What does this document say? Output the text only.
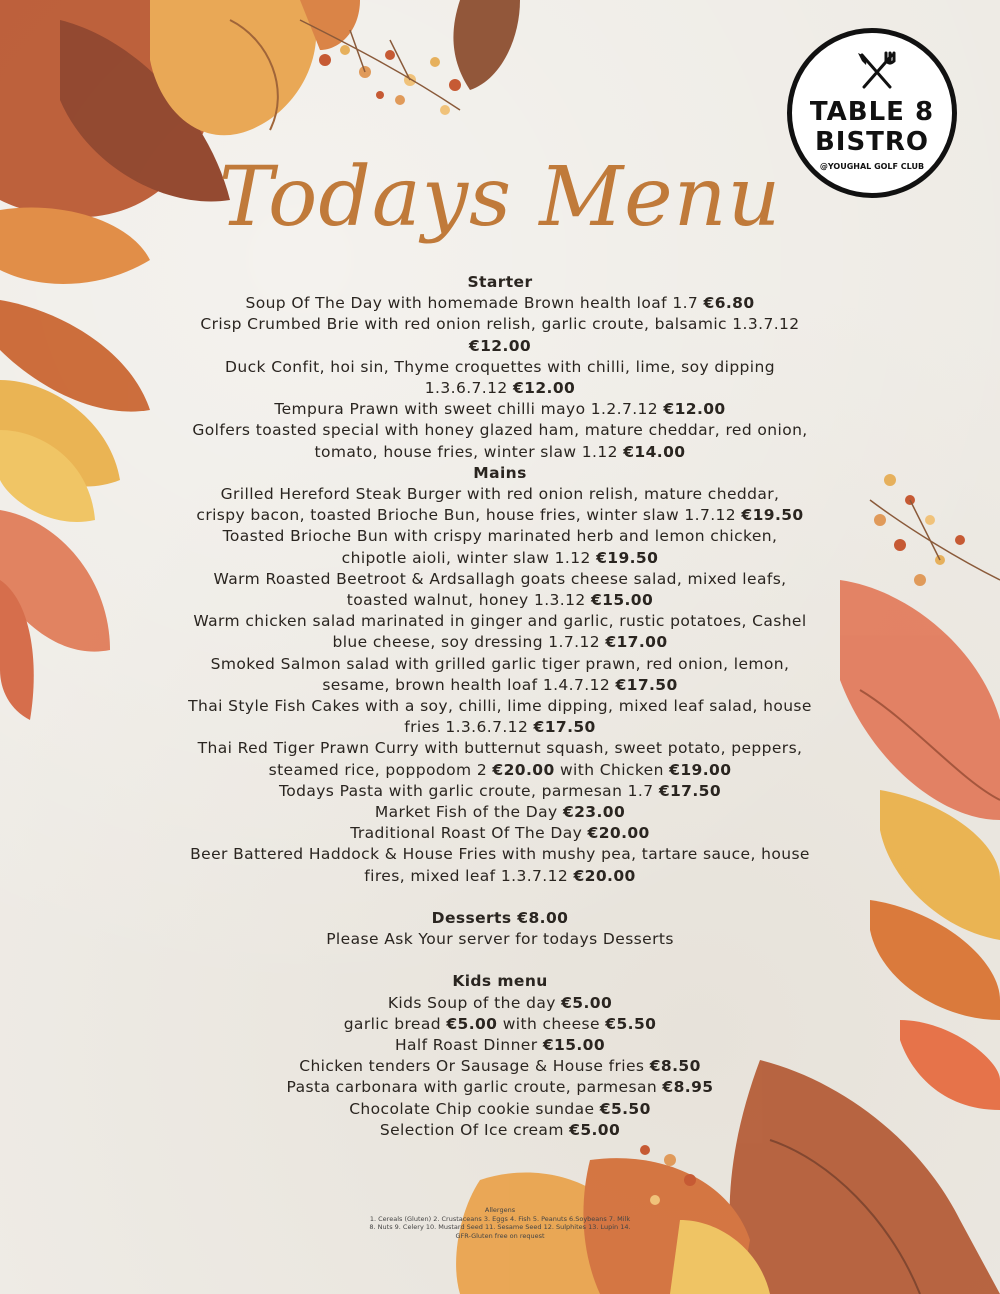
TABLE 8
BISTRO
@YOUGHAL GOLF CLUB
Todays Menu
Starter
Soup Of The Day with homemade Brown health loaf 1.7 €6.80
Crisp Crumbed Brie with red onion relish, garlic croute, balsamic 1.3.7.12
€12.00
Duck Confit, hoi sin, Thyme croquettes with chilli, lime, soy dipping
1.3.6.7.12 €12.00
Tempura Prawn with sweet chilli mayo 1.2.7.12 €12.00
Golfers toasted special with honey glazed ham, mature cheddar, red onion,
tomato, house fries, winter slaw 1.12 €14.00
Mains
Grilled Hereford Steak Burger with red onion relish, mature cheddar,
crispy bacon, toasted Brioche Bun, house fries, winter slaw 1.7.12 €19.50
Toasted Brioche Bun with crispy marinated herb and lemon chicken,
chipotle aioli, winter slaw 1.12 €19.50
Warm Roasted Beetroot & Ardsallagh goats cheese salad, mixed leafs,
toasted walnut, honey 1.3.12 €15.00
Warm chicken salad marinated in ginger and garlic, rustic potatoes, Cashel
blue cheese, soy dressing 1.7.12 €17.00
Smoked Salmon salad with grilled garlic tiger prawn, red onion, lemon,
sesame, brown health loaf 1.4.7.12 €17.50
Thai Style Fish Cakes with a soy, chilli, lime dipping, mixed leaf salad, house
fries 1.3.6.7.12 €17.50
Thai Red Tiger Prawn Curry with butternut squash, sweet potato, peppers,
steamed rice, poppodom 2 €20.00 with Chicken €19.00
Todays Pasta with garlic croute, parmesan 1.7 €17.50
Market Fish of the Day €23.00
Traditional Roast Of The Day €20.00
Beer Battered Haddock & House Fries with mushy pea, tartare sauce, house
fires, mixed leaf 1.3.7.12 €20.00
Desserts €8.00
Please Ask Your server for todays Desserts
Kids menu
Kids Soup of the day €5.00
garlic bread €5.00 with cheese €5.50
Half Roast Dinner €15.00
Chicken tenders Or Sausage & House fries €8.50
Pasta carbonara with garlic croute, parmesan €8.95
Chocolate Chip cookie sundae €5.50
Selection Of Ice cream €5.00
Allergens
1. Cereals (Gluten) 2. Crustaceans 3. Eggs 4. Fish 5. Peanuts 6.Soybeans 7. Milk
8. Nuts 9. Celery 10. Mustard Seed 11. Sesame Seed 12. Sulphites 13. Lupin 14.
GFR-Gluten free on request
